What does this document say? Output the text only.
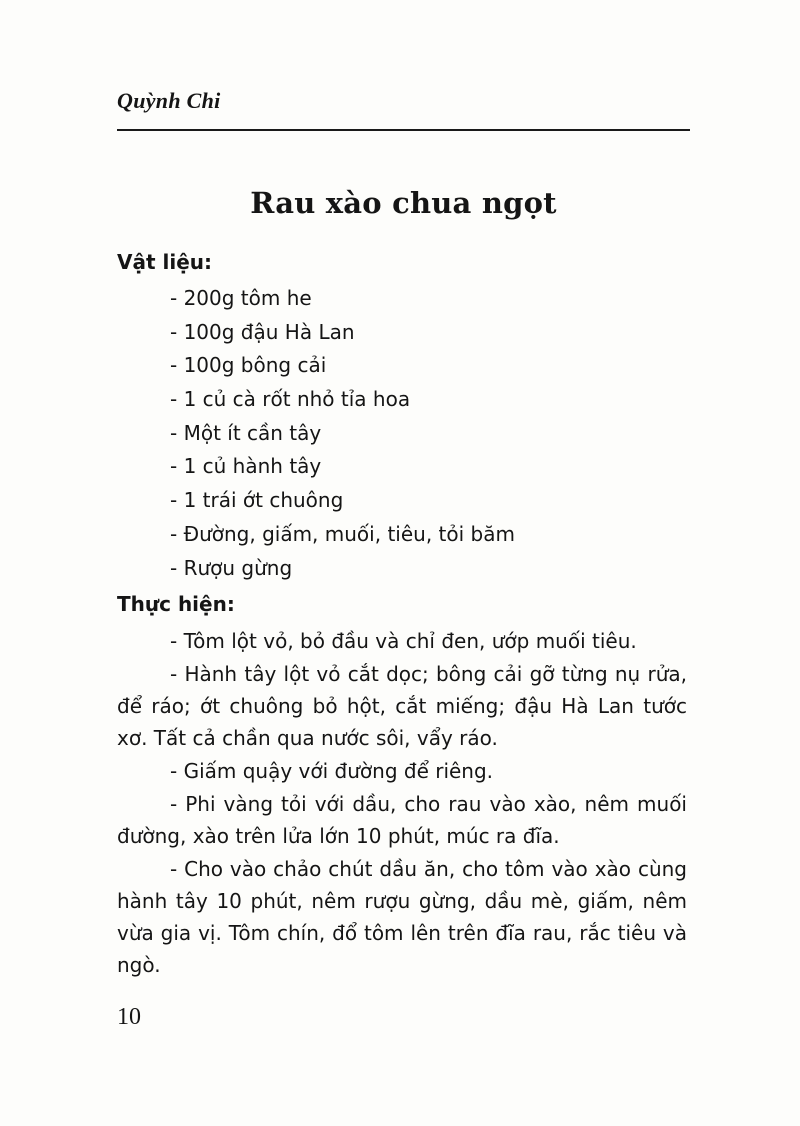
Quỳnh Chi
Rau xào chua ngọt
Vật liệu:
- 200g tôm he
- 100g đậu Hà Lan
- 100g bông cải
- 1 củ cà rốt nhỏ tỉa hoa
- Một ít cần tây
- 1 củ hành tây
- 1 trái ớt chuông
- Đường, giấm, muối, tiêu, tỏi băm
- Rượu gừng
Thực hiện:

- Tôm lột vỏ, bỏ đầu và chỉ đen, ướp muối tiêu.

- Hành tây lột vỏ cắt dọc; bông cải gỡ từng nụ rửa, để ráo; ớt chuông bỏ hột, cắt miếng; đậu Hà Lan tước xơ. Tất cả chần qua nước sôi, vẩy ráo.

- Giấm quậy với đường để riêng.

- Phi vàng tỏi với dầu, cho rau vào xào, nêm muối đường, xào trên lửa lớn 10 phút, múc ra đĩa.

- Cho vào chảo chút dầu ăn, cho tôm vào xào cùng hành tây 10 phút, nêm rượu gừng, dầu mè, giấm, nêm vừa gia vị. Tôm chín, đổ tôm lên trên đĩa rau, rắc tiêu và ngò.

10
